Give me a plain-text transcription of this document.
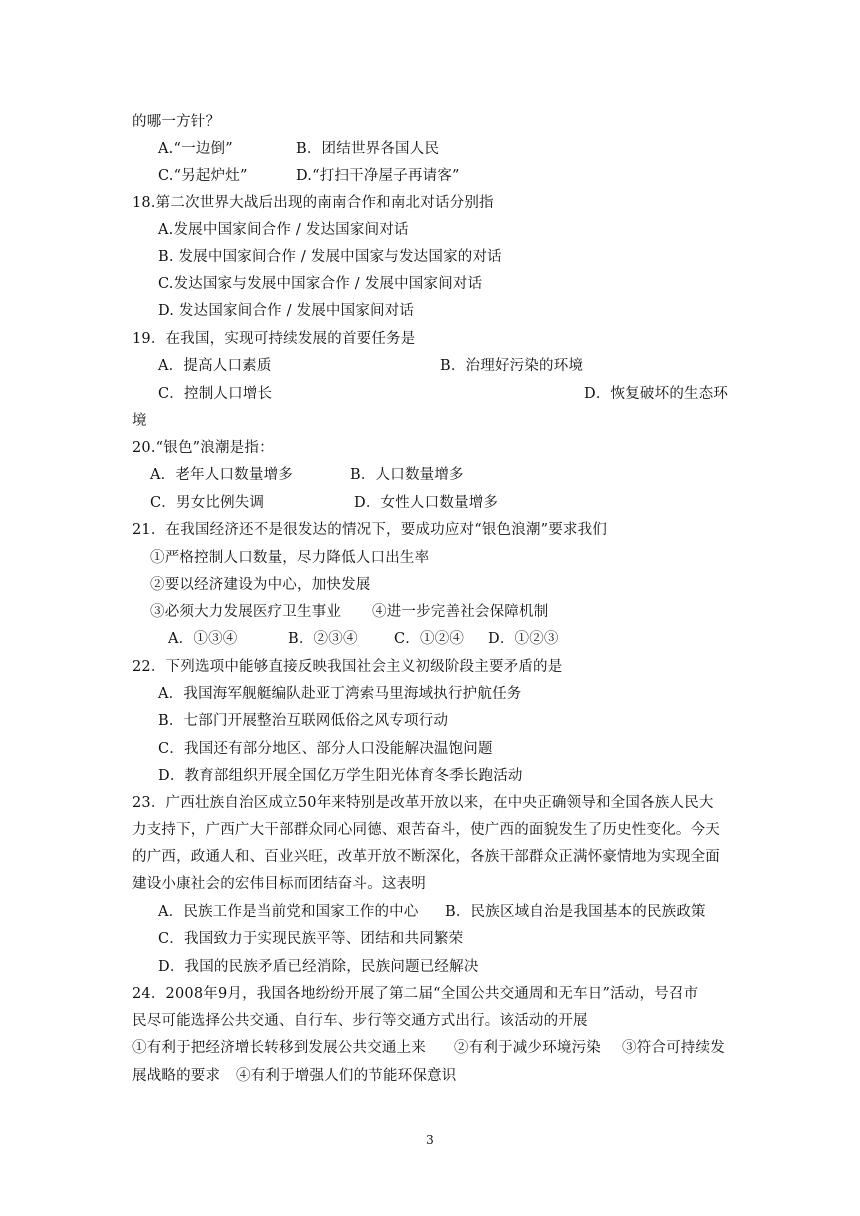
的哪一方针？
A.“一边倒”	B．团结世界各国人民
C.“另起炉灶”	D.“打扫干净屋子再请客”
18.第二次世界大战后出现的南南合作和南北对话分别指
A.发展中国家间合作 / 发达国家间对话
B. 发展中国家间合作 / 发展中国家与发达国家的对话
C.发达国家与发展中国家合作 / 发展中国家间对话
D. 发达国家间合作 / 发展中国家间对话
19．在我国，实现可持续发展的首要任务是
A．提高人口素质	B．治理好污染的环境
C．控制人口增长	D．恢复破坏的生态环
境
20.“银色”浪潮是指：
A．老年人口数量增多	B．人口数量增多
C．男女比例失调	D．女性人口数量增多
21．在我国经济还不是很发达的情况下，要成功应对“银色浪潮”要求我们
①严格控制人口数量，尽力降低人口出生率
②要以经济建设为中心，加快发展
③必须大力发展医疗卫生事业 ④进一步完善社会保障机制
A．①③④	B．②③④	C．①②④ D．①②③
22．下列选项中能够直接反映我国社会主义初级阶段主要矛盾的是
A．我国海军舰艇编队赴亚丁湾索马里海域执行护航任务
B．七部门开展整治互联网低俗之风专项行动
C．我国还有部分地区、部分人口没能解决温饱问题
D．教育部组织开展全国亿万学生阳光体育冬季长跑活动
23．广西壮族自治区成立50年来特别是改革开放以来，在中央正确领导和全国各族人民大
力支持下，广西广大干部群众同心同德、艰苦奋斗，使广西的面貌发生了历史性变化。今天
的广西，政通人和、百业兴旺，改革开放不断深化，各族干部群众正满怀豪情地为实现全面
建设小康社会的宏伟目标而团结奋斗。这表明
A．民族工作是当前党和国家工作的中心 B．民族区域自治是我国基本的民族政策
C．我国致力于实现民族平等、团结和共同繁荣
D．我国的民族矛盾已经消除，民族问题已经解决
24．2008年9月，我国各地纷纷开展了第二届“全国公共交通周和无车日”活动，号召市
民尽可能选择公共交通、自行车、步行等交通方式出行。该活动的开展
①有利于把经济增长转移到发展公共交通上来 ②有利于减少环境污染 ③符合可持续发
展战略的要求 ④有利于增强人们的节能环保意识
3
